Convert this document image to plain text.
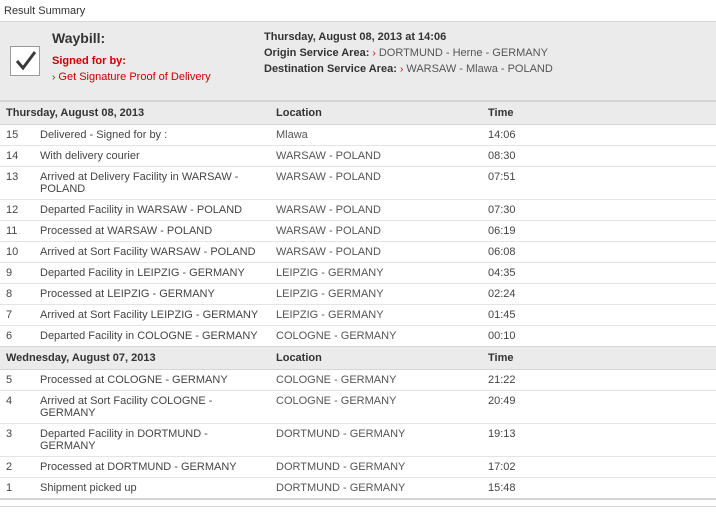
Result Summary
Waybill:
Signed for by:
› Get Signature Proof of Delivery
Thursday, August 08, 2013 at 14:06
Origin Service Area: › DORTMUND - Herne - GERMANY
Destination Service Area: › WARSAW - Mlawa - POLAND
Thursday, August 08, 2013		Location	Time	
15	Delivered - Signed for by :	Mlawa	14:06	
14	With delivery courier	WARSAW - POLAND	08:30	
13	Arrived at Delivery Facility in WARSAW - POLAND	WARSAW - POLAND	07:51	
12	Departed Facility in WARSAW - POLAND	WARSAW - POLAND	07:30	
11	Processed at WARSAW - POLAND	WARSAW - POLAND	06:19	
10	Arrived at Sort Facility WARSAW - POLAND	WARSAW - POLAND	06:08	
9	Departed Facility in LEIPZIG - GERMANY	LEIPZIG - GERMANY	04:35	
8	Processed at LEIPZIG - GERMANY	LEIPZIG - GERMANY	02:24	
7	Arrived at Sort Facility LEIPZIG - GERMANY	LEIPZIG - GERMANY	01:45	
6	Departed Facility in COLOGNE - GERMANY	COLOGNE - GERMANY	00:10	
Wednesday, August 07, 2013		Location	Time	
5	Processed at COLOGNE - GERMANY	COLOGNE - GERMANY	21:22	
4	Arrived at Sort Facility COLOGNE - GERMANY	COLOGNE - GERMANY	20:49	
3	Departed Facility in DORTMUND - GERMANY	DORTMUND - GERMANY	19:13	
2	Processed at DORTMUND - GERMANY	DORTMUND - GERMANY	17:02	
1	Shipment picked up	DORTMUND - GERMANY	15:48	
